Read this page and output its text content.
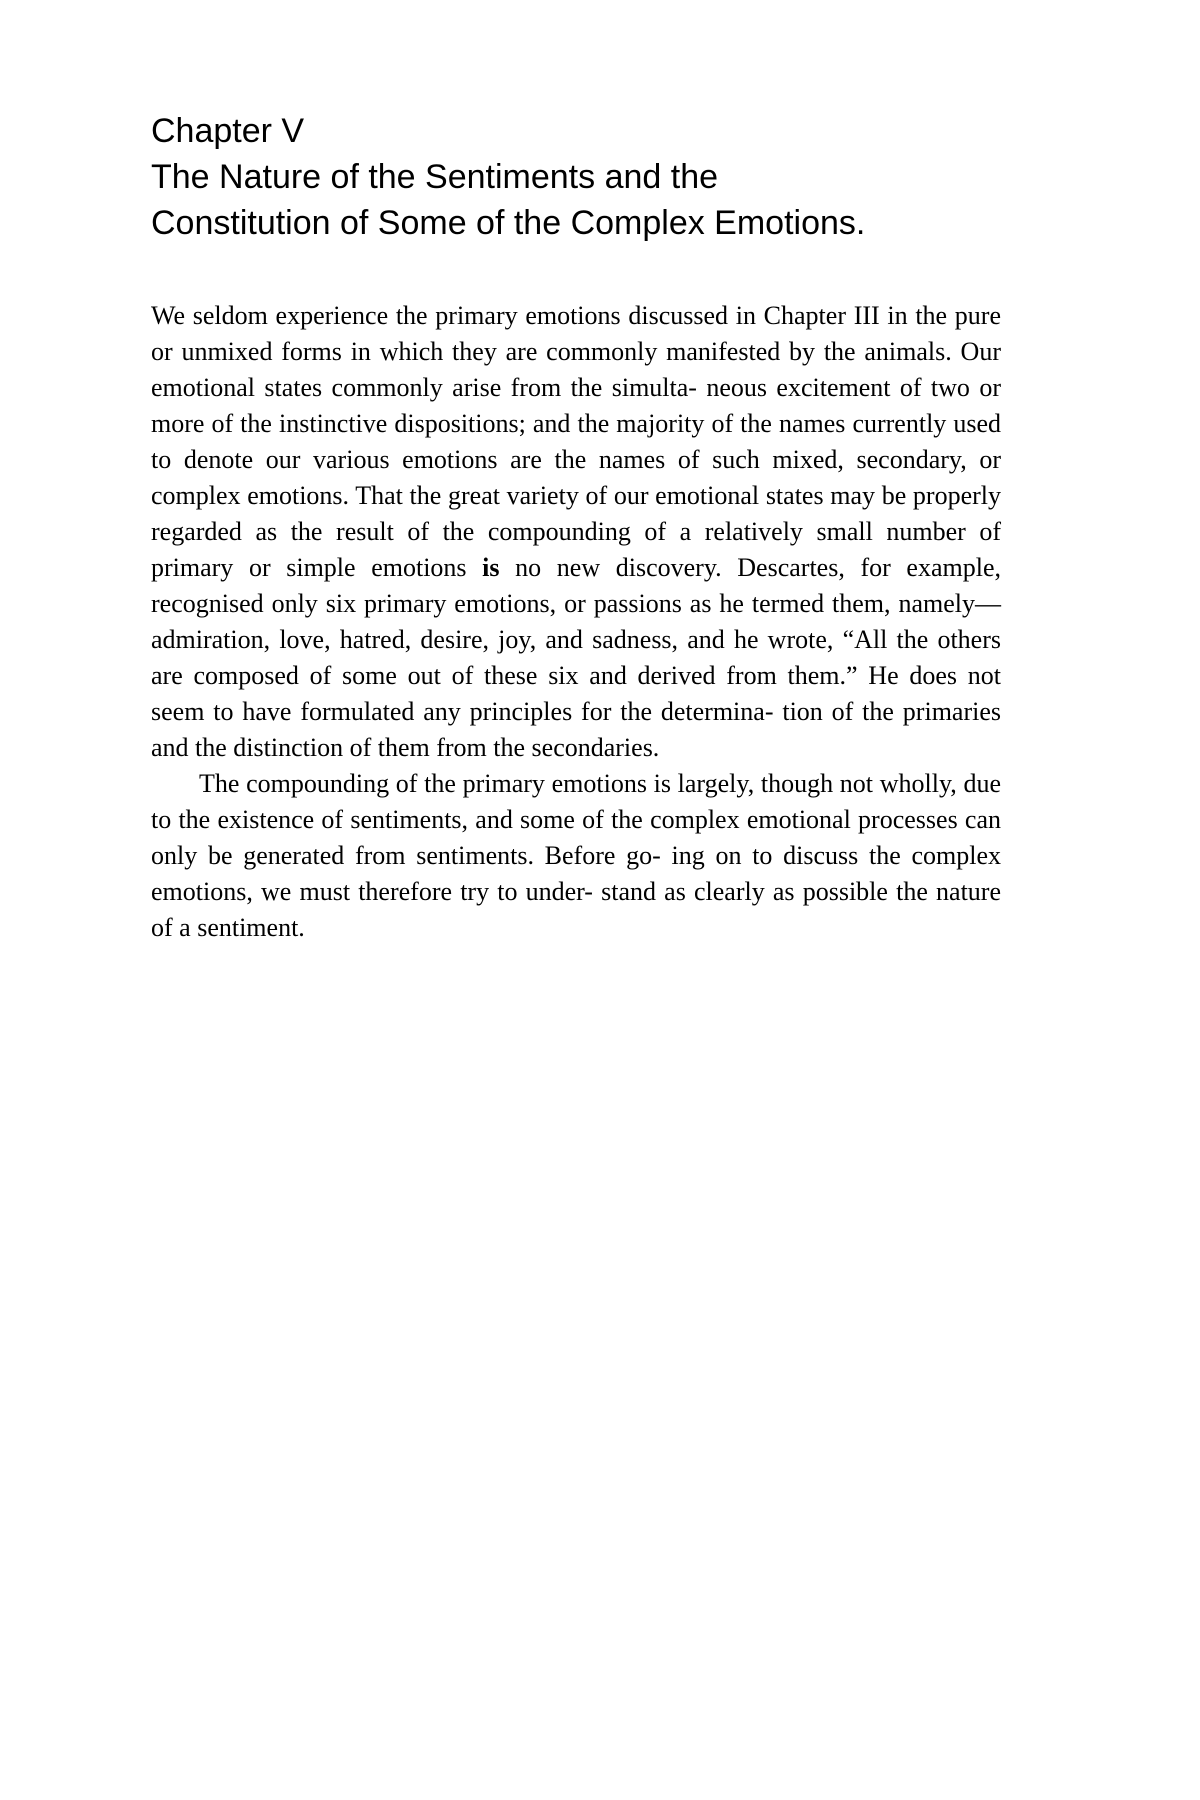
Chapter V
The Nature of the Sentiments and the
Constitution of Some of the Complex Emotions.

We seldom experience the primary emotions discussed in Chapter III in the pure or unmixed forms in which they are commonly manifested by the animals. Our emotional states commonly arise from the simulta- neous excitement of two or more of the instinctive dispositions; and the majority of the names currently used to denote our various emotions are the names of such mixed, secondary, or complex emotions. That the great variety of our emotional states may be properly regarded as the result of the compounding of a relatively small number of primary or simple emotions is no new discovery. Descartes, for example, recognised only six primary emotions, or passions as he termed them, namely— admiration, love, hatred, desire, joy, and sadness, and he wrote, “All the others are composed of some out of these six and derived from them.” He does not seem to have formulated any principles for the determina- tion of the primaries and the distinction of them from the secondaries.

The compounding of the primary emotions is largely, though not wholly, due to the existence of sentiments, and some of the complex emotional processes can only be generated from sentiments. Before go- ing on to discuss the complex emotions, we must therefore try to under- stand as clearly as possible the nature of a sentiment.
